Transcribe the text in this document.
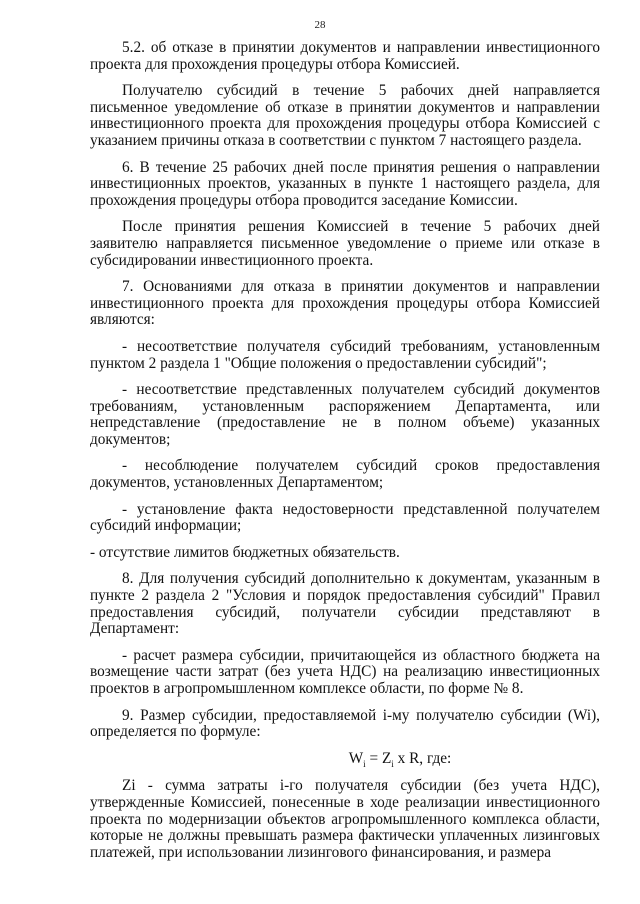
28

5.2. об отказе в принятии документов и направлении инвестиционного проекта для прохождения процедуры отбора Комиссией.

Получателю субсидий в течение 5 рабочих дней направляется письменное уведомление об отказе в принятии документов и направлении инвестиционного проекта для прохождения процедуры отбора Комиссией с указанием причины отказа в соответствии с пунктом 7 настоящего раздела.

6. В течение 25 рабочих дней после принятия решения о направлении инвестиционных проектов, указанных в пункте 1 настоящего раздела, для прохождения процедуры отбора проводится заседание Комиссии.

После принятия решения Комиссией в течение 5 рабочих дней заявителю направляется письменное уведомление о приеме или отказе в субсидировании инвестиционного проекта.

7. Основаниями для отказа в принятии документов и направлении инвестиционного проекта для прохождения процедуры отбора Комиссией являются:

- несоответствие получателя субсидий требованиям, установленным пунктом 2 раздела 1 "Общие положения о предоставлении субсидий";

- несоответствие представленных получателем субсидий документов требованиям, установленным распоряжением Департамента, или непредставление (предоставление не в полном объеме) указанных документов;

- несоблюдение получателем субсидий сроков предоставления документов, установленных Департаментом;

- установление факта недостоверности представленной получателем субсидий информации;

- отсутствие лимитов бюджетных обязательств.

8. Для получения субсидий дополнительно к документам, указанным в пункте 2 раздела 2 "Условия и порядок предоставления субсидий" Правил предоставления субсидий, получатели субсидии представляют в Департамент:

- расчет размера субсидии, причитающейся из областного бюджета на возмещение части затрат (без учета НДС) на реализацию инвестиционных проектов в агропромышленном комплексе области, по форме № 8.

9. Размер субсидии, предоставляемой i-му получателю субсидии (Wi), определяется по формуле:

$W_i = Z_i$ x R, где:

Zi - сумма затраты i-го получателя субсидии (без учета НДС), утвержденные Комиссией, понесенные в ходе реализации инвестиционного проекта по модернизации объектов агропромышленного комплекса области, которые не должны превышать размера фактически уплаченных лизинговых платежей, при использовании лизингового финансирования, и размера
